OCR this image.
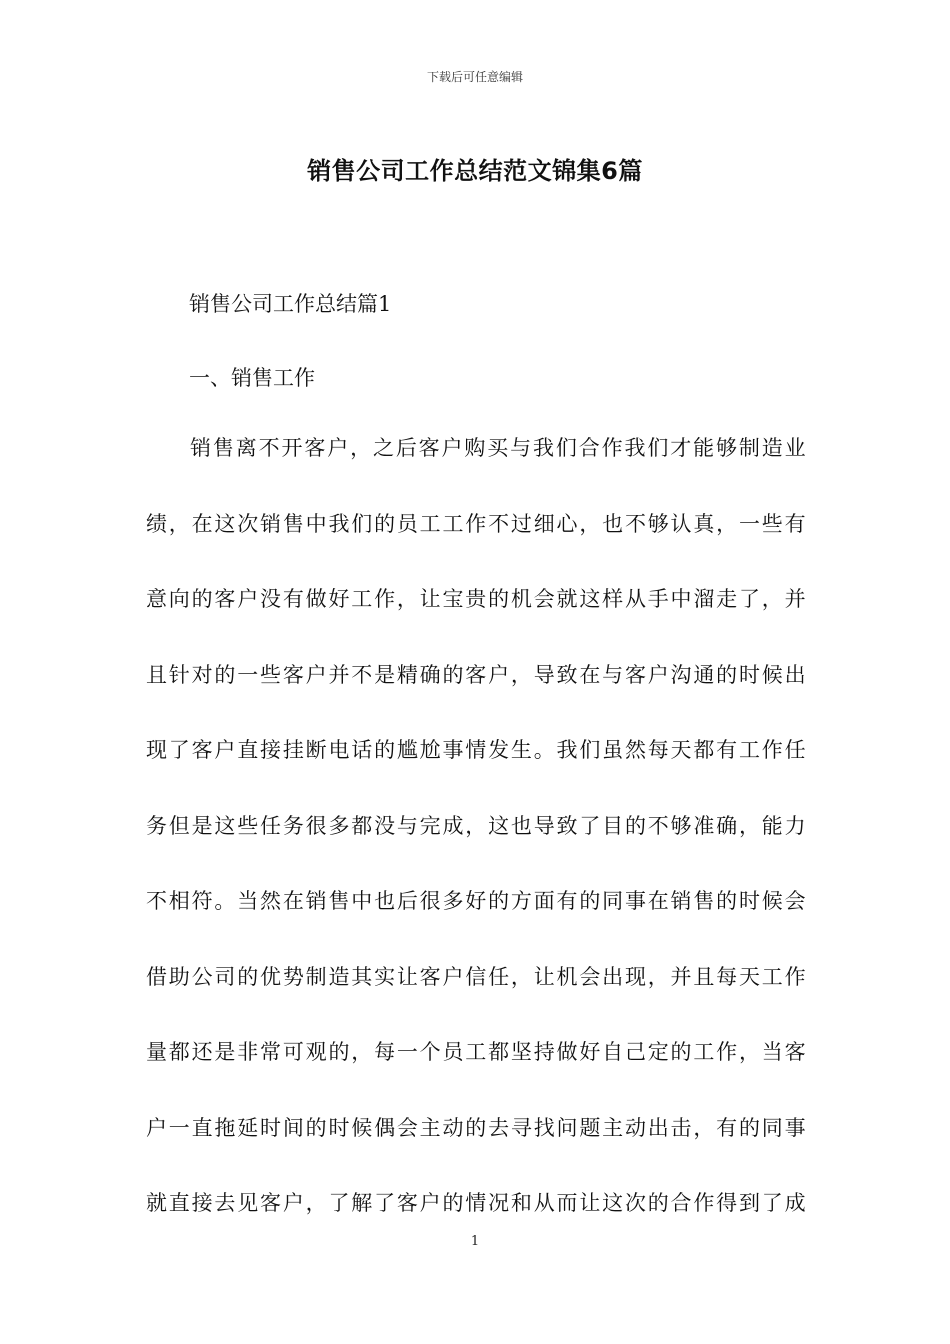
下载后可任意编辑
销售公司工作总结范文锦集6篇
销售公司工作总结篇1
一、销售工作
销售离不开客户，之后客户购买与我们合作我们才能够制造业
绩，在这次销售中我们的员工工作不过细心，也不够认真，一些有
意向的客户没有做好工作，让宝贵的机会就这样从手中溜走了，并
且针对的一些客户并不是精确的客户，导致在与客户沟通的时候出
现了客户直接挂断电话的尴尬事情发生。我们虽然每天都有工作任
务但是这些任务很多都没与完成，这也导致了目的不够准确，能力
不相符。当然在销售中也后很多好的方面有的同事在销售的时候会
借助公司的优势制造其实让客户信任，让机会出现，并且每天工作
量都还是非常可观的，每一个员工都坚持做好自己定的工作，当客
户一直拖延时间的时候偶会主动的去寻找问题主动出击，有的同事
就直接去见客户，了解了客户的情况和从而让这次的合作得到了成
1
